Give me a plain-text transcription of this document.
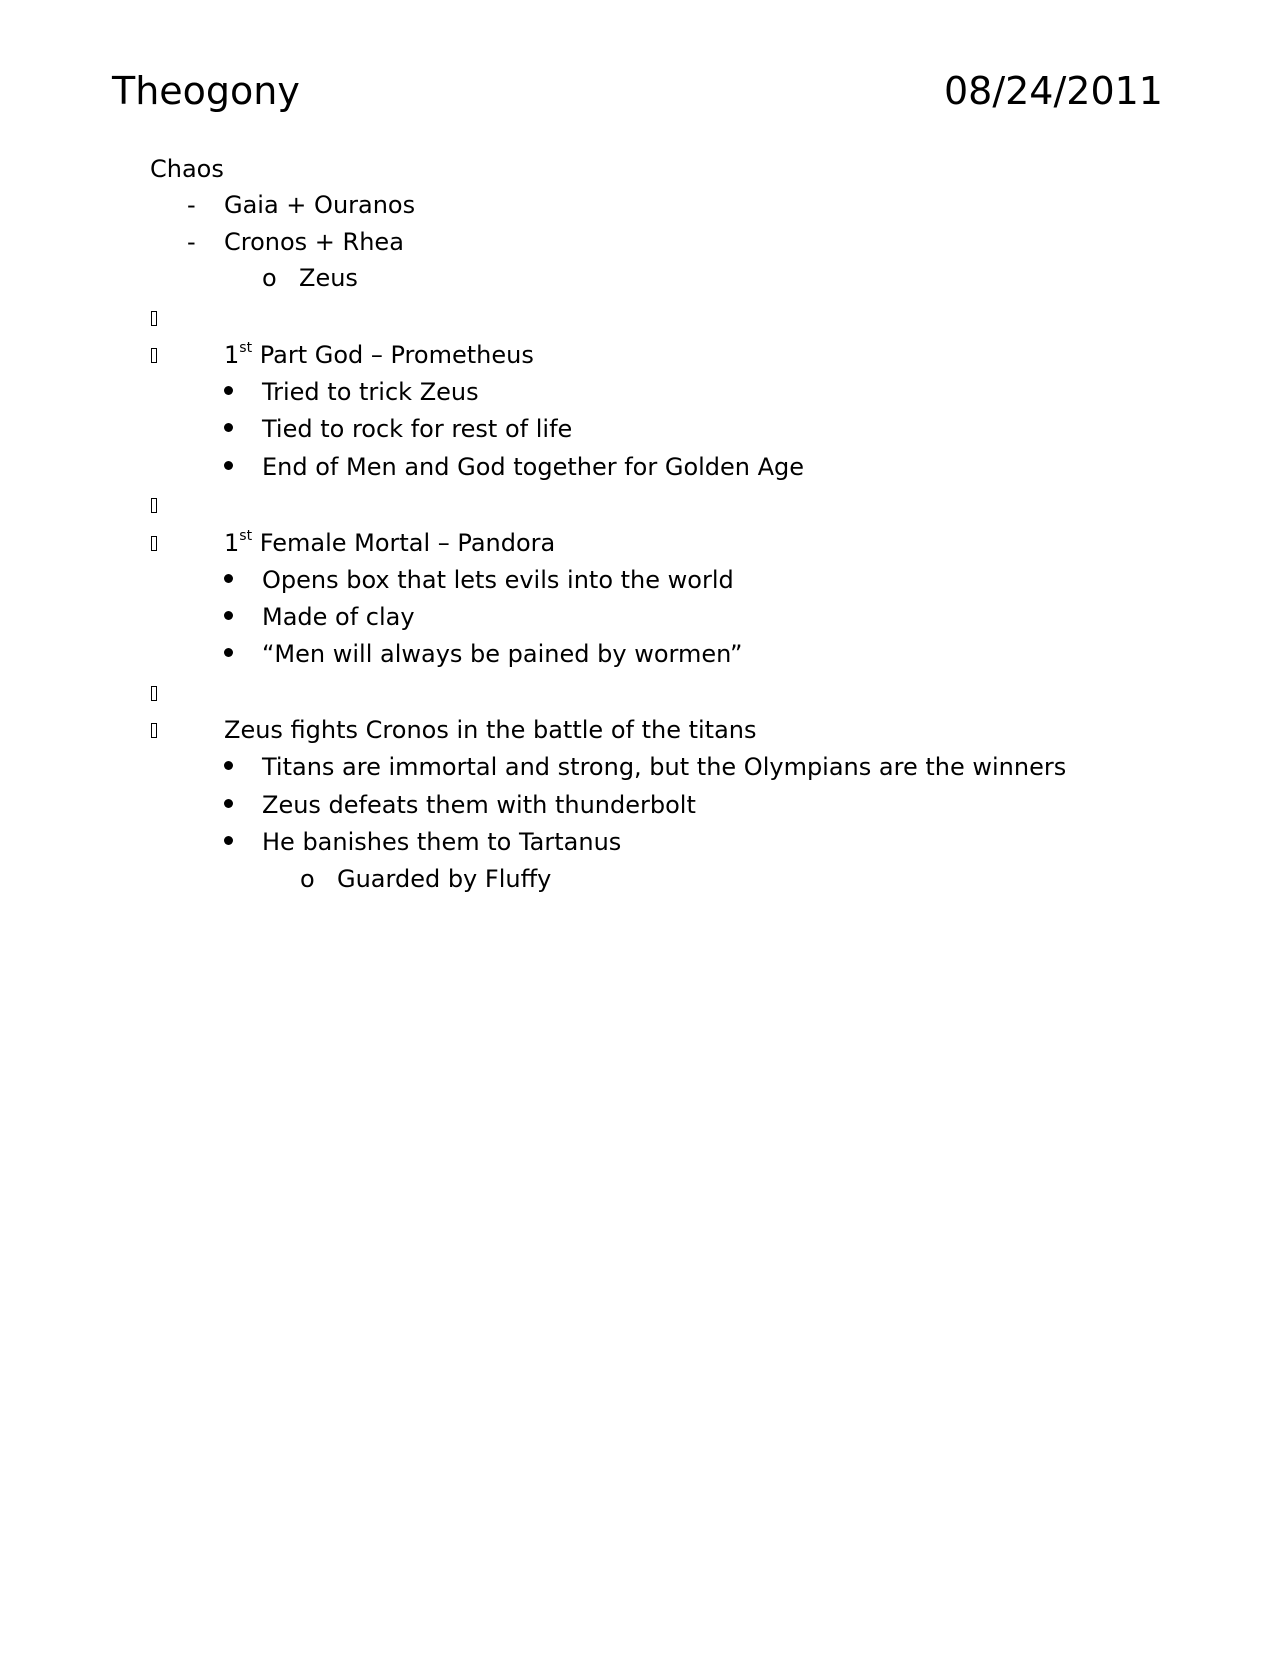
Theogony	08/24/2011
Chaos
- Gaia + Ouranos
- Cronos + Rhea
o Zeus
1st Part God – Prometheus
Tried to trick Zeus
Tied to rock for rest of life
End of Men and God together for Golden Age
1st Female Mortal – Pandora
Opens box that lets evils into the world
Made of clay
“Men will always be pained by wormen”
Zeus fights Cronos in the battle of the titans
Titans are immortal and strong, but the Olympians are the winners
Zeus defeats them with thunderbolt
He banishes them to Tartanus
o Guarded by Fluffy
